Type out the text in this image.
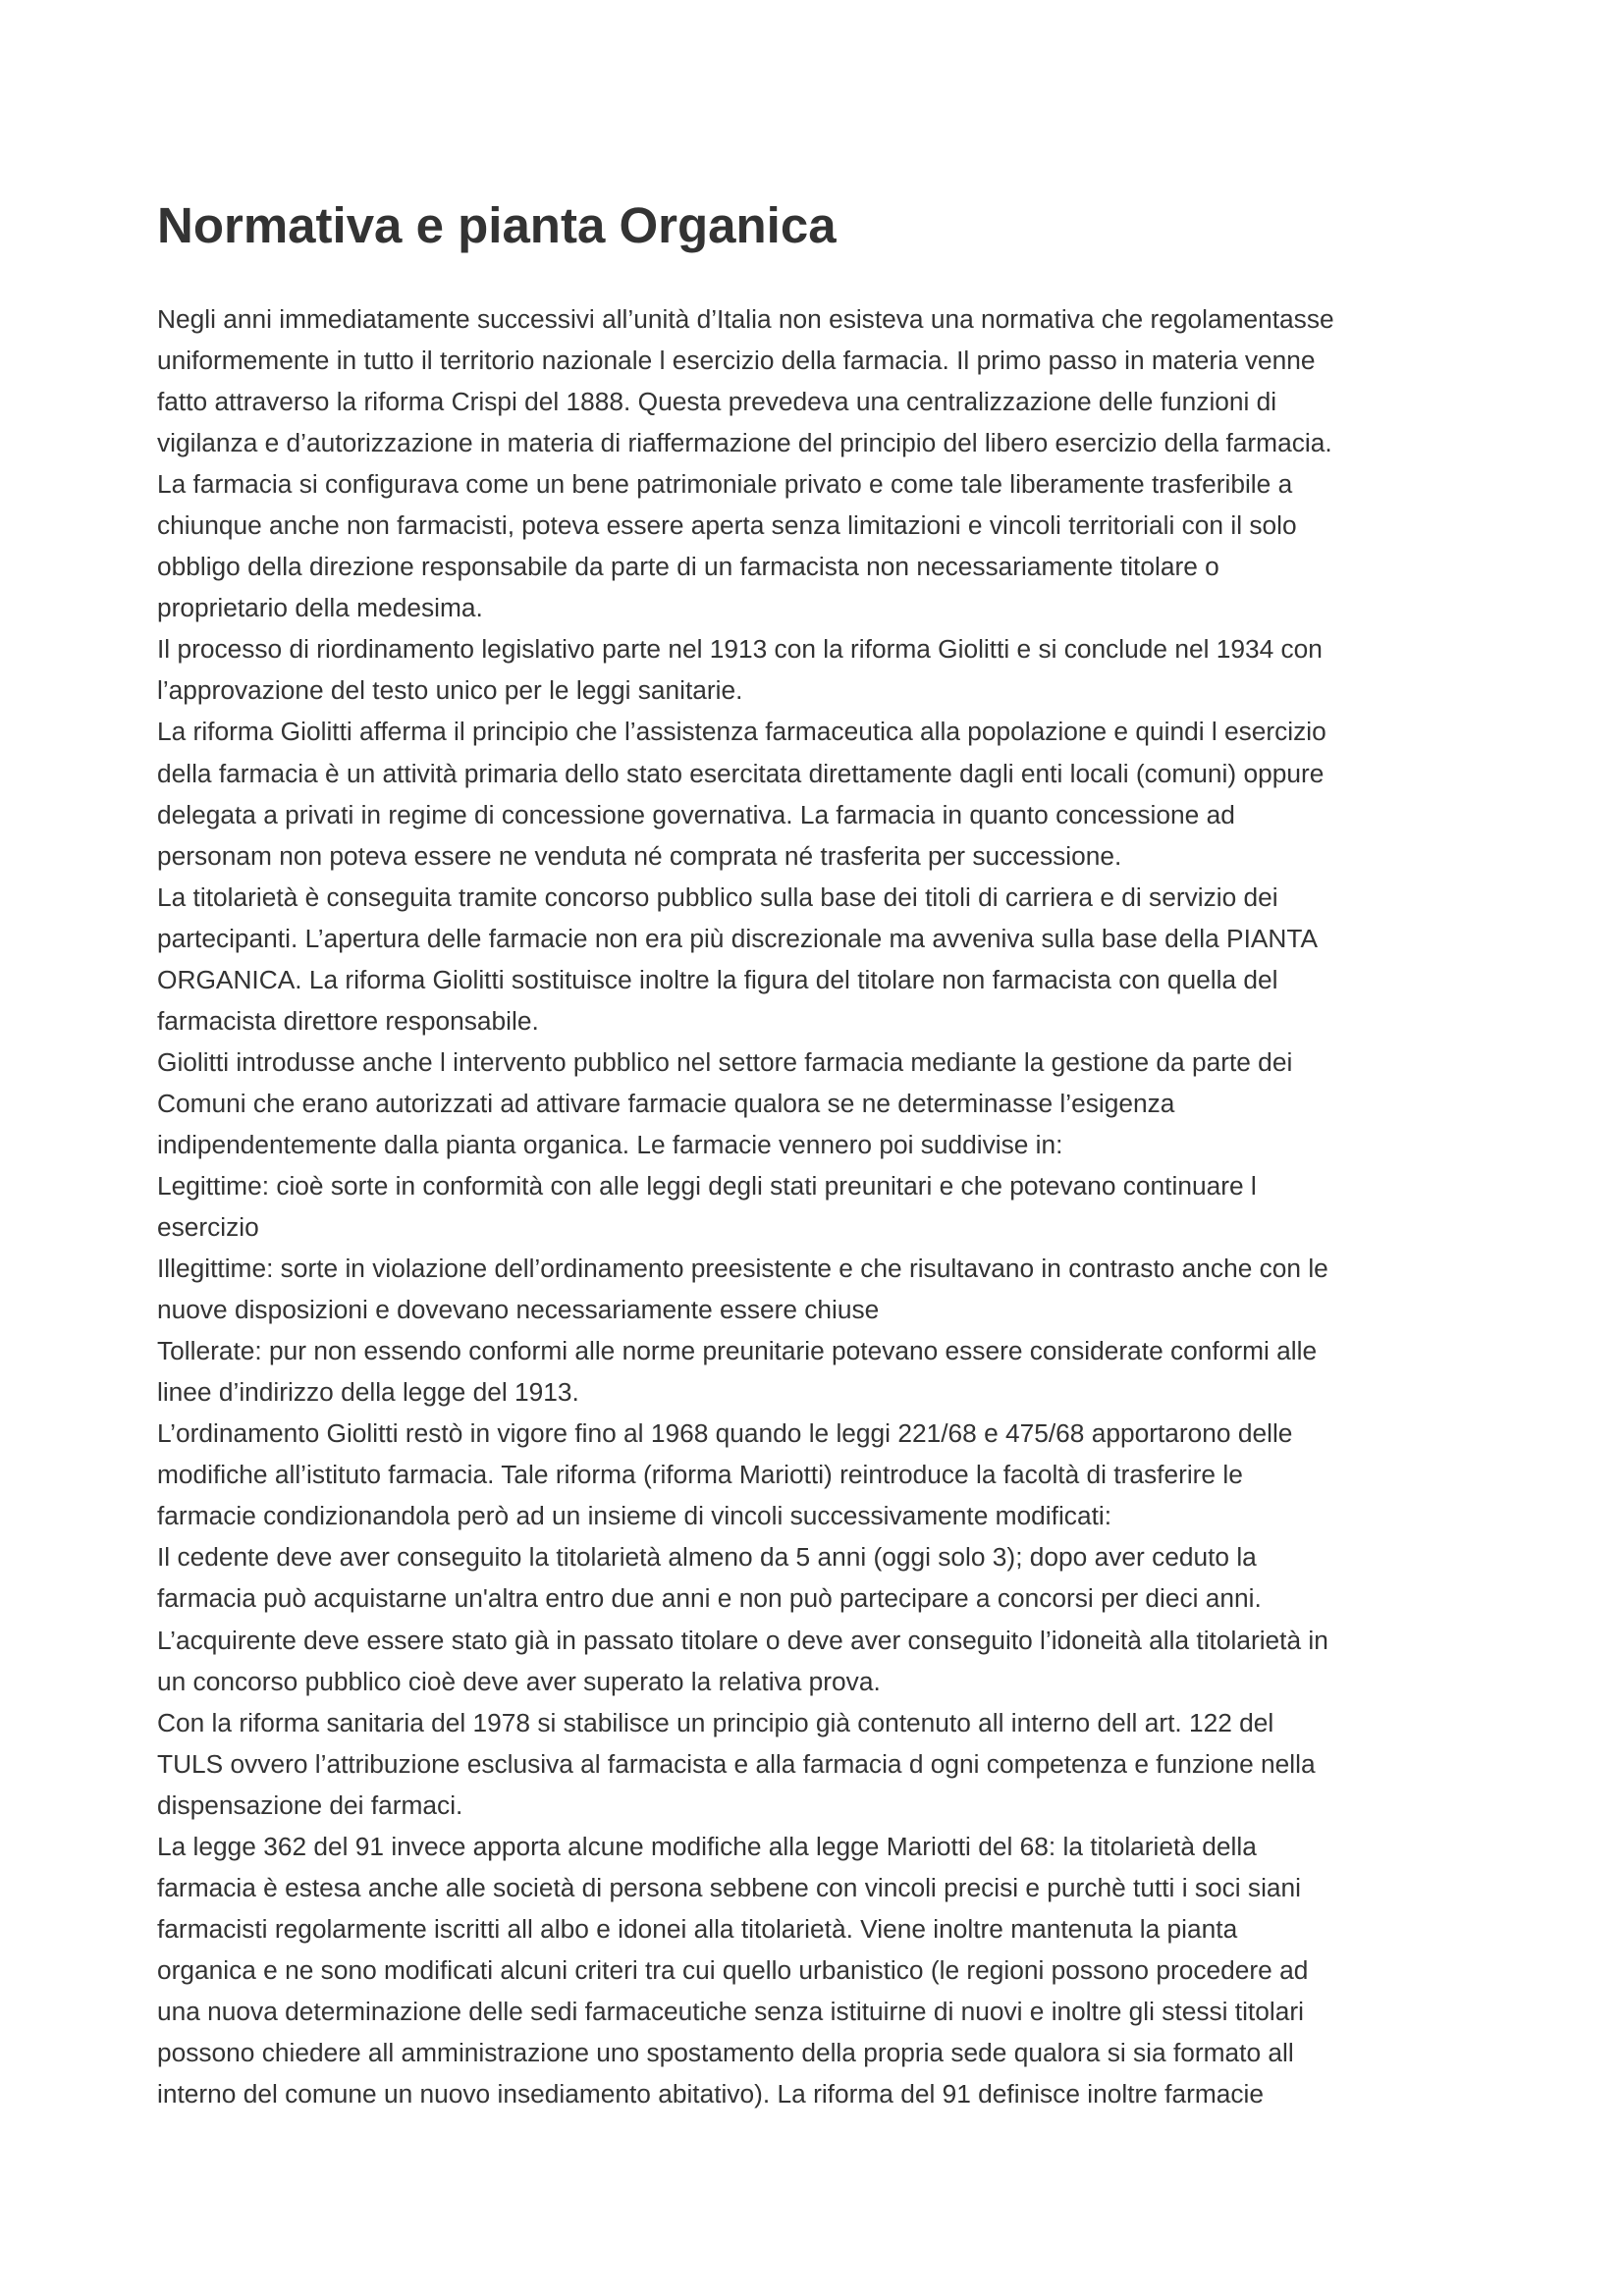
Normativa e pianta Organica
Negli anni immediatamente successivi all’unità d’Italia non esisteva una normativa che regolamentasse
uniformemente in tutto il territorio nazionale l esercizio della farmacia. Il primo passo in materia venne
fatto attraverso la riforma Crispi del 1888. Questa prevedeva una centralizzazione delle funzioni di
vigilanza e d’autorizzazione in materia di riaffermazione del principio del libero esercizio della farmacia.
La farmacia si configurava come un bene patrimoniale privato e come tale liberamente trasferibile a
chiunque anche non farmacisti, poteva essere aperta senza limitazioni e vincoli territoriali con il solo
obbligo della direzione responsabile da parte di un farmacista non necessariamente titolare o
proprietario della medesima.
Il processo di riordinamento legislativo parte nel 1913 con la riforma Giolitti e si conclude nel 1934 con
l’approvazione del testo unico per le leggi sanitarie.
La riforma Giolitti afferma il principio che l’assistenza farmaceutica alla popolazione e quindi l esercizio
della farmacia è un attività primaria dello stato esercitata direttamente dagli enti locali (comuni) oppure
delegata a privati in regime di concessione governativa. La farmacia in quanto concessione ad
personam non poteva essere ne venduta né comprata né trasferita per successione.
La titolarietà è conseguita tramite concorso pubblico sulla base dei titoli di carriera e di servizio dei
partecipanti. L’apertura delle farmacie non era più discrezionale ma avveniva sulla base della PIANTA
ORGANICA. La riforma Giolitti sostituisce inoltre la figura del titolare non farmacista con quella del
farmacista direttore responsabile.
Giolitti introdusse anche l intervento pubblico nel settore farmacia mediante la gestione da parte dei
Comuni che erano autorizzati ad attivare farmacie qualora se ne determinasse l’esigenza
indipendentemente dalla pianta organica. Le farmacie vennero poi suddivise in:
Legittime: cioè sorte in conformità con alle leggi degli stati preunitari e che potevano continuare l
esercizio
Illegittime: sorte in violazione dell’ordinamento preesistente e che risultavano in contrasto anche con le
nuove disposizioni e dovevano necessariamente essere chiuse
Tollerate: pur non essendo conformi alle norme preunitarie potevano essere considerate conformi alle
linee d’indirizzo della legge del 1913.
L’ordinamento Giolitti restò in vigore fino al 1968 quando le leggi 221/68 e 475/68 apportarono delle
modifiche all’istituto farmacia. Tale riforma (riforma Mariotti) reintroduce la facoltà di trasferire le
farmacie condizionandola però ad un insieme di vincoli successivamente modificati:
Il cedente deve aver conseguito la titolarietà almeno da 5 anni (oggi solo 3); dopo aver ceduto la
farmacia può acquistarne un'altra entro due anni e non può partecipare a concorsi per dieci anni.
L’acquirente deve essere stato già in passato titolare o deve aver conseguito l’idoneità alla titolarietà in
un concorso pubblico cioè deve aver superato la relativa prova.
Con la riforma sanitaria del 1978 si stabilisce un principio già contenuto all interno dell art. 122 del
TULS ovvero l’attribuzione esclusiva al farmacista e alla farmacia d ogni competenza e funzione nella
dispensazione dei farmaci.
La legge 362 del 91 invece apporta alcune modifiche alla legge Mariotti del 68: la titolarietà della
farmacia è estesa anche alle società di persona sebbene con vincoli precisi e purchè tutti i soci siani
farmacisti regolarmente iscritti all albo e idonei alla titolarietà. Viene inoltre mantenuta la pianta
organica e ne sono modificati alcuni criteri tra cui quello urbanistico (le regioni possono procedere ad
una nuova determinazione delle sedi farmaceutiche senza istituirne di nuovi e inoltre gli stessi titolari
possono chiedere all amministrazione uno spostamento della propria sede qualora si sia formato all
interno del comune un nuovo insediamento abitativo). La riforma del 91 definisce inoltre farmacie
